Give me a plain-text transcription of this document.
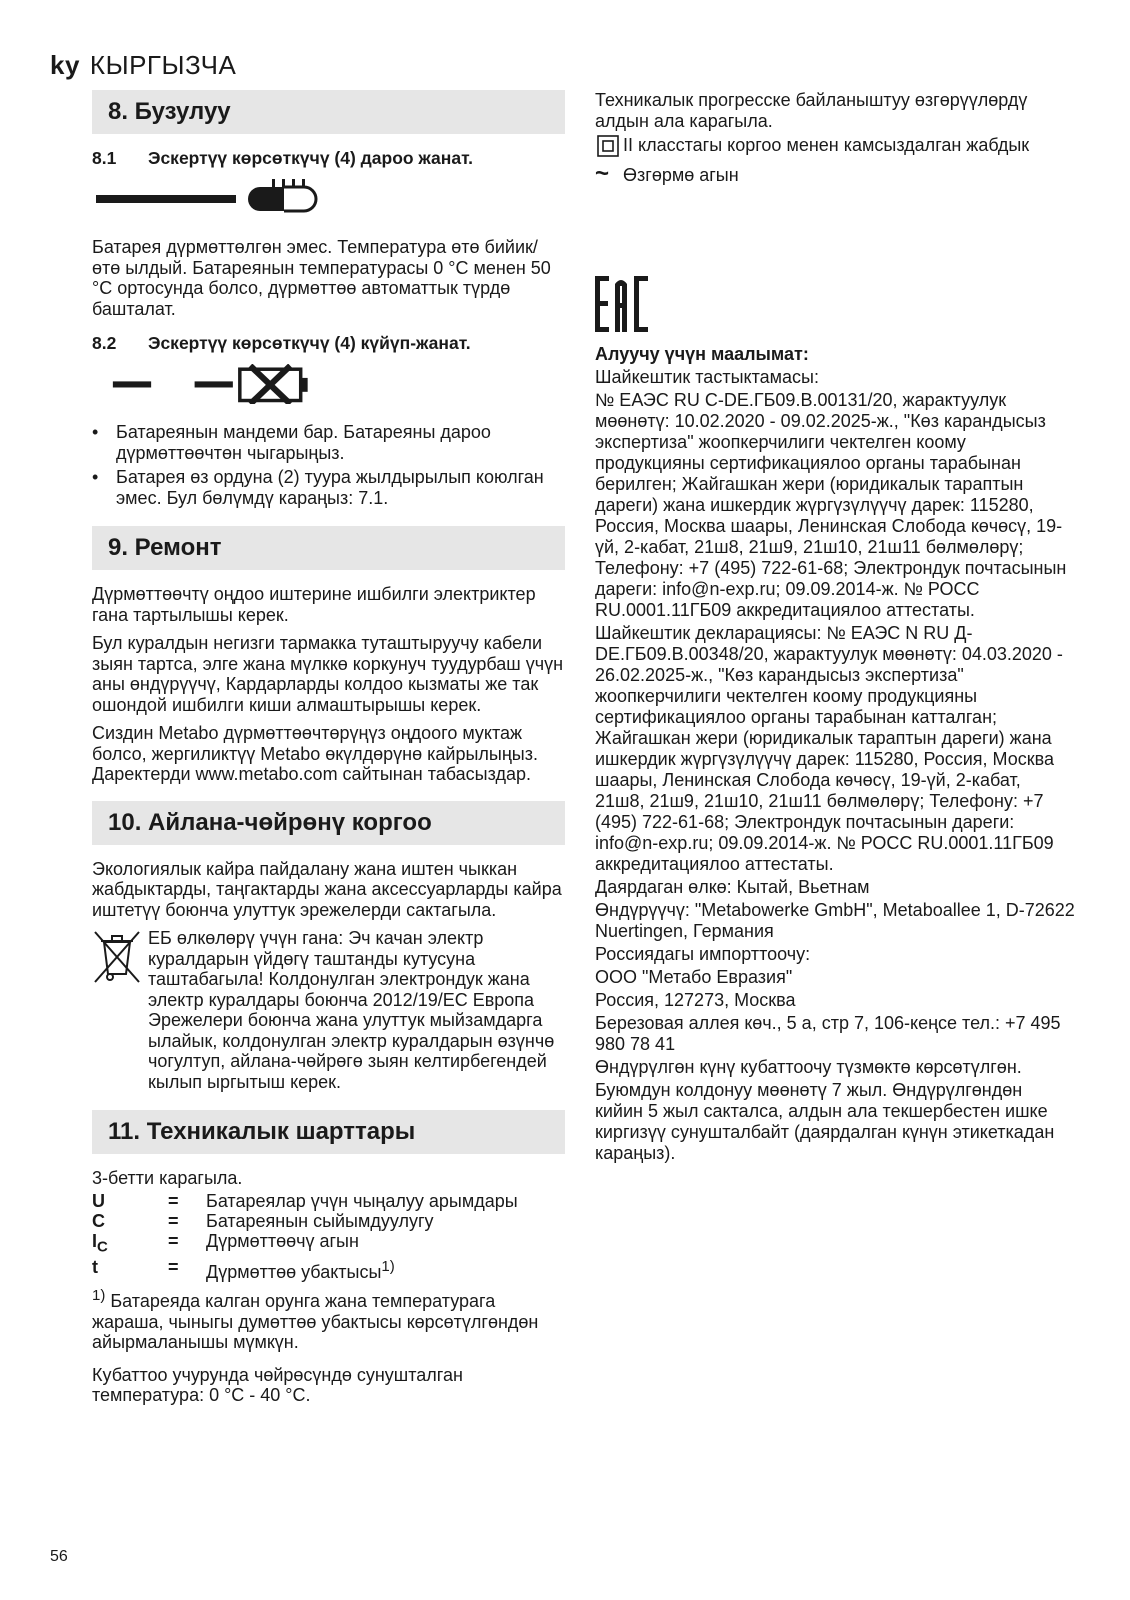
ky КЫРГЫЗЧА
8. Бузулуу
8.1 Эскертүү көрсөткүчү (4) дароо жанат.

Батарея дүрмөттөлгөн эмес. Температура өтө бийик/өтө ылдый. Батареянын температурасы 0 °C менен 50 °C ортосунда болсо, дүрмөттөө автоматтык түрдө башталат.

8.2 Эскертүү көрсөткүчү (4) күйүп-жанат.
• Батареянын мандеми бар. Батареяны дароо дүрмөттөөчтөн чыгарыңыз.
• Батарея өз ордуна (2) туура жылдырылып коюлган эмес. Бул бөлүмдү караңыз: 7.1.
9. Ремонт

Дүрмөттөөчтү оңдоо иштерине ишбилги электриктер гана тартылышы керек.

Бул куралдын негизги тармакка туташтыруучу кабели зыян тартса, элге жана мүлккө коркунуч туудурбаш үчүн аны өндүрүүчү, Кардарларды колдоо кызматы же так ошондой ишбилги киши алмаштырышы керек.

Сиздин Metabo дүрмөттөөчтөрүңүз оңдоого муктаж болсо, жергиликтүү Metabo өкүлдөрүнө кайрылыңыз. Даректерди www.metabo.com сайтынан табасыздар.

10. Айлана-чөйрөнү коргоо

Экологиялык кайра пайдалану жана иштен чыккан жабдыктарды, таңгактарды жана аксессуарларды кайра иштетүү боюнча улуттук эрежелерди сактагыла.

ЕБ өлкөлөрү үчүн гана: Эч качан электр куралдарын үйдөгү таштанды кутусуна таштабагыла! Колдонулган электрондук жана электр куралдары боюнча 2012/19/EC Европа Эрежелери боюнча жана улуттук мыйзамдарга ылайык, колдонулган электр куралдарын өзүнчө чогултуп, айлана-чөйрөгө зыян келтирбегендей кылып ыргытыш керек.
11. Техникалык шарттары

3-бетти карагыла.

U	=	Батареялар үчүн чыңалуу арымдары
C	=	Батареянын сыйымдуулугу
$I_C$	=	Дүрмөттөөчү агын
t	=	Дүрмөттөө убактысы$^{1)}$
$^{1)}$ Батареяда калган орунга жана температурага жараша, чыныгы думөттөө убактысы көрсөтүлгөндөн айырмаланышы мүмкүн.

Кубаттоо учурунда чөйрөсүндө сунушталган температура: 0 °C - 40 °C.

Техникалык прогресске байланыштуу өзгөрүүлөрдү алдын ала карагыла.

II класстагы коргоо менен камсыздалган жабдык
~ Өзгөрмө агын

Алуучу үчүн маалымат:

Шайкештик тастыктамасы:

№ ЕАЭС RU C-DE.ГБ09.В.00131/20, жарактуулук мөөнөтү: 10.02.2020 - 09.02.2025-ж., "Көз карандысыз экспертиза" жоопкерчилиги чектелген коому продукцияны сертификациялоо органы тарабынан берилген; Жайгашкан жери (юридикалык тараптын дареги) жана ишкердик жүргүзүлүүчү дарек: 115280, Россия, Москва шаары, Ленинская Слобода көчөсү, 19-үй, 2-кабат, 21ш8, 21ш9, 21ш10, 21ш11 бөлмөлөрү; Телефону: +7 (495) 722-61-68; Электрондук почтасынын дареги: info@n-exp.ru; 09.09.2014-ж. № РОСС RU.0001.11ГБ09 аккредитациялоо аттестаты.

Шайкештик декларациясы: № ЕАЭС N RU Д-DE.ГБ09.В.00348/20, жарактуулук мөөнөтү: 04.03.2020 - 26.02.2025-ж., "Көз карандысыз экспертиза" жоопкерчилиги чектелген коому продукцияны сертификациялоо органы тарабынан катталган; Жайгашкан жери (юридикалык тараптын дареги) жана ишкердик жүргүзүлүүчү дарек: 115280, Россия, Москва шаары, Ленинская Слобода көчөсү, 19-үй, 2-кабат, 21ш8, 21ш9, 21ш10, 21ш11 бөлмөлөрү; Телефону: +7 (495) 722-61-68; Электрондук почтасынын дареги: info@n-exp.ru; 09.09.2014-ж. № РОСС RU.0001.11ГБ09 аккредитациялоо аттестаты.

Даярдаган өлкө: Кытай, Вьетнам

Өндүрүүчү: "Metabowerke GmbH", Metaboallee 1, D-72622 Nuertingen, Германия

Россиядагы импорттоочу:

ООО "Метабо Евразия"

Россия, 127273, Москва

Березовая аллея көч., 5 а, стр 7, 106-кеңсе тел.: +7 495 980 78 41

Өндүрүлгөн күнү кубаттоочу түзмөктө көрсөтүлгөн.

Буюмдун колдонуу мөөнөтү 7 жыл. Өндүрүлгөндөн кийин 5 жыл сакталса, алдын ала текшербестен ишке киргизүү сунушталбайт (даярдалган күнүн этикеткадан караңыз).

56
